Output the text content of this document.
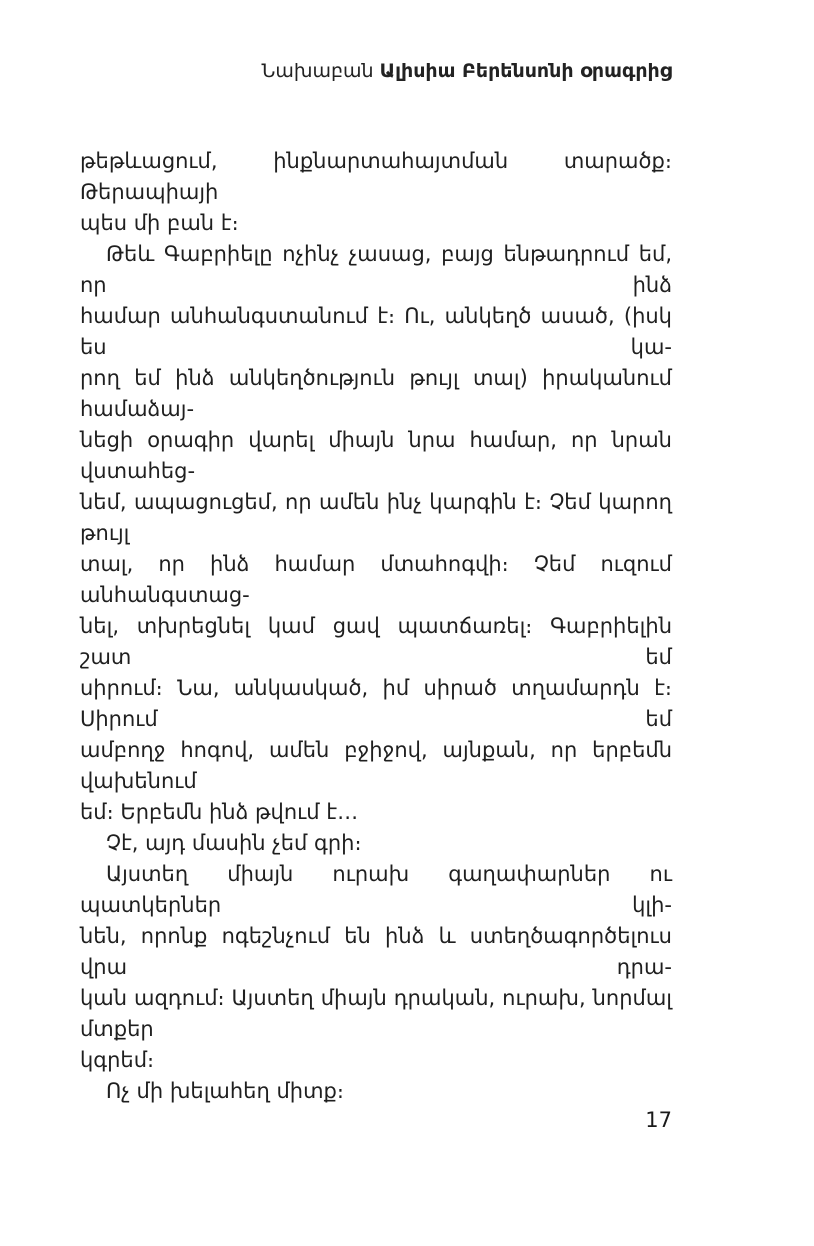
Նախաբան Ալիսիա Բերենսոնի օրագրից
թեթևացում, ինքնարտահայտման տարածք։ Թերապիայի
պես մի բան է։
Թեև Գաբրիելը ոչինչ չասաց, բայց ենթադրում եմ, որ ինձ
համար անհանգստանում է։ Ու, անկեղծ ասած, (իսկ ես կա-
րող եմ ինձ անկեղծություն թույլ տալ) իրականում համաձայ-
նեցի օրագիր վարել միայն նրա համար, որ նրան վստահեց-
նեմ, ապացուցեմ, որ ամեն ինչ կարգին է։ Չեմ կարող թույլ
տալ, որ ինձ համար մտահոգվի։ Չեմ ուզում անհանգստաց-
նել, տխրեցնել կամ ցավ պատճառել։ Գաբրիելին շատ եմ
սիրում։ Նա, անկասկած, իմ սիրած տղամարդն է։ Սիրում եմ
ամբողջ հոգով, ամեն բջիջով, այնքան, որ երբեմն վախենում
եմ։ Երբեմն ինձ թվում է…
Չէ, այդ մասին չեմ գրի։
Այստեղ միայն ուրախ գաղափարներ ու պատկերներ կլի-
նեն, որոնք ոգեշնչում են ինձ և ստեղծագործելուս վրա դրա-
կան ազդում։ Այստեղ միայն դրական, ուրախ, նորմալ մտքեր
կգրեմ։
Ոչ մի խելահեղ միտք։
17
